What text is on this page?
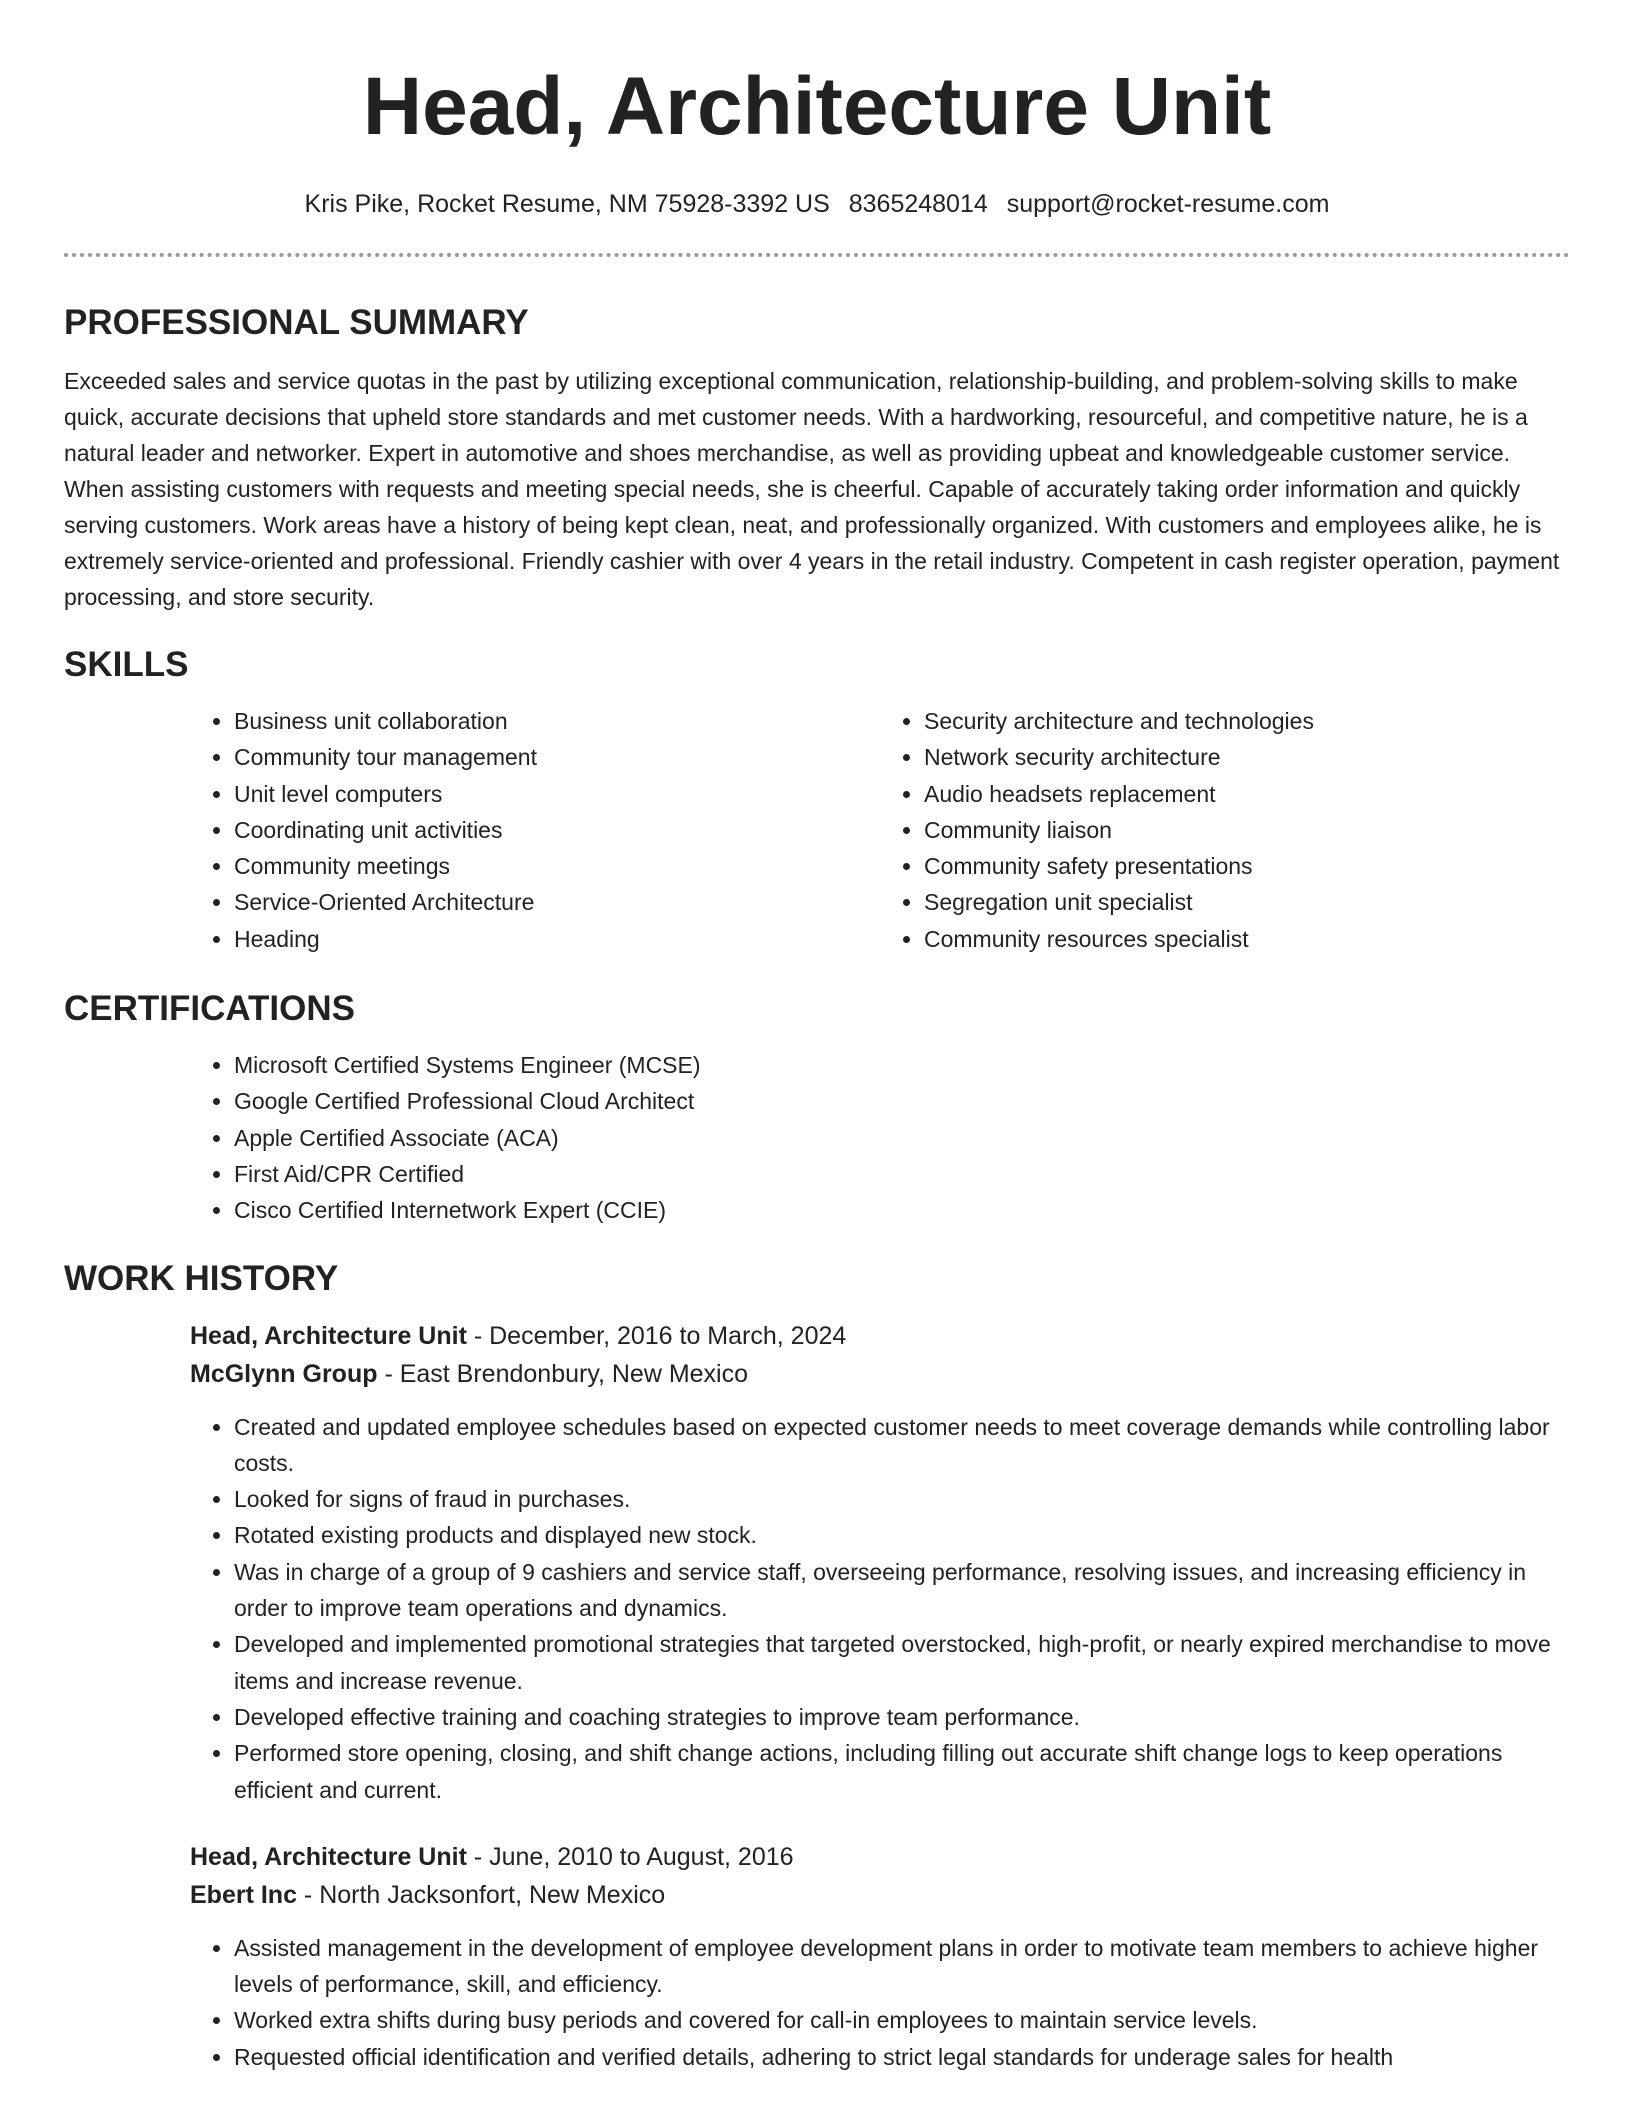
Head, Architecture Unit
Kris Pike, Rocket Resume, NM 75928-3392 US 8365248014 support@rocket-resume.com
PROFESSIONAL SUMMARY

Exceeded sales and service quotas in the past by utilizing exceptional communication, relationship-building, and problem-solving skills to make quick, accurate decisions that upheld store standards and met customer needs. With a hardworking, resourceful, and competitive nature, he is a natural leader and networker. Expert in automotive and shoes merchandise, as well as providing upbeat and knowledgeable customer service. When assisting customers with requests and meeting special needs, she is cheerful. Capable of accurately taking order information and quickly serving customers. Work areas have a history of being kept clean, neat, and professionally organized. With customers and employees alike, he is extremely service-oriented and professional. Friendly cashier with over 4 years in the retail industry. Competent in cash register operation, payment processing, and store security.

SKILLS
• Business unit collaboration
• Community tour management
• Unit level computers
• Coordinating unit activities
• Community meetings
• Service-Oriented Architecture
• Heading
• Security architecture and technologies
• Network security architecture
• Audio headsets replacement
• Community liaison
• Community safety presentations
• Segregation unit specialist
• Community resources specialist
CERTIFICATIONS
• Microsoft Certified Systems Engineer (MCSE)
• Google Certified Professional Cloud Architect
• Apple Certified Associate (ACA)
• First Aid/CPR Certified
• Cisco Certified Internetwork Expert (CCIE)
WORK HISTORY
Head, Architecture Unit - December, 2016 to March, 2024
McGlynn Group - East Brendonbury, New Mexico
• Created and updated employee schedules based on expected customer needs to meet coverage demands while controlling labor costs.
• Looked for signs of fraud in purchases.
• Rotated existing products and displayed new stock.
• Was in charge of a group of 9 cashiers and service staff, overseeing performance, resolving issues, and increasing efficiency in order to improve team operations and dynamics.
• Developed and implemented promotional strategies that targeted overstocked, high-profit, or nearly expired merchandise to move items and increase revenue.
• Developed effective training and coaching strategies to improve team performance.
• Performed store opening, closing, and shift change actions, including filling out accurate shift change logs to keep operations efficient and current.
Head, Architecture Unit - June, 2010 to August, 2016
Ebert Inc - North Jacksonfort, New Mexico
• Assisted management in the development of employee development plans in order to motivate team members to achieve higher levels of performance, skill, and efficiency.
• Worked extra shifts during busy periods and covered for call-in employees to maintain service levels.
• Requested official identification and verified details, adhering to strict legal standards for underage sales for health
